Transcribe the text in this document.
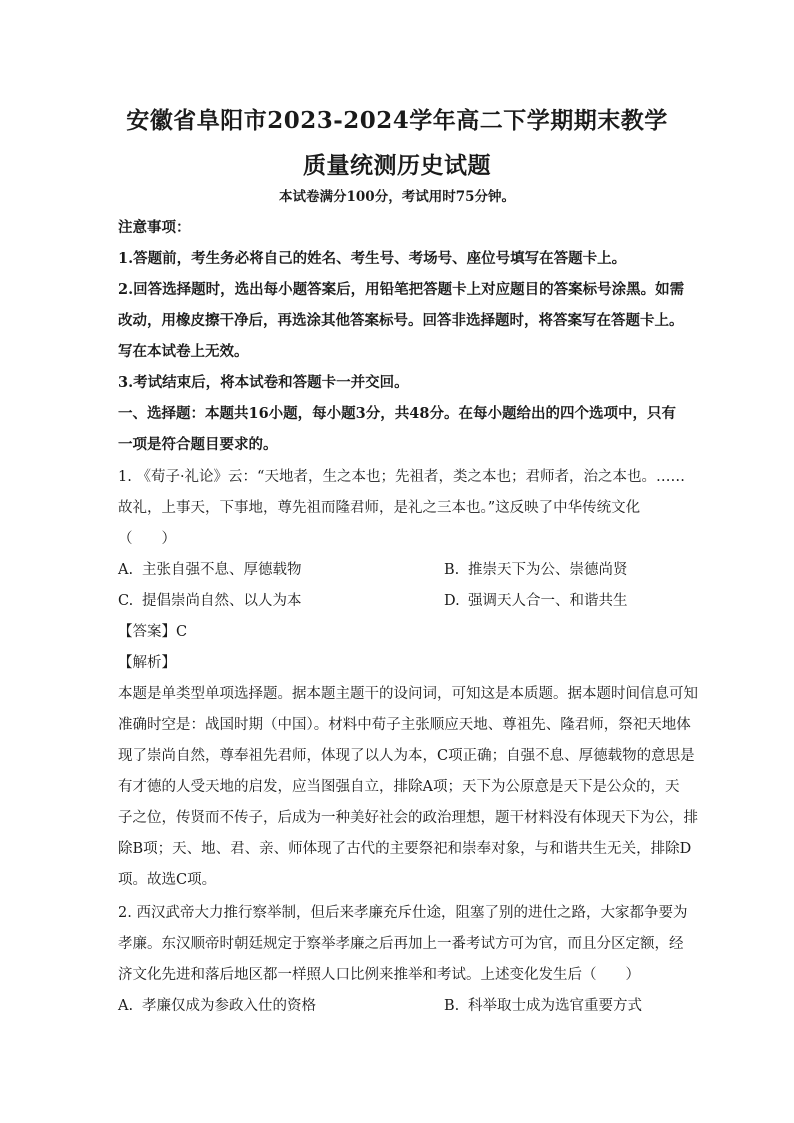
安徽省阜阳市2023-2024学年高二下学期期末教学
质量统测历史试题
本试卷满分100分，考试用时75分钟。
注意事项：
1.答题前，考生务必将自己的姓名、考生号、考场号、座位号填写在答题卡上。
2.回答选择题时，选出每小题答案后，用铅笔把答题卡上对应题目的答案标号涂黑。如需
改动，用橡皮擦干净后，再选涂其他答案标号。回答非选择题时，将答案写在答题卡上。
写在本试卷上无效。
3.考试结束后，将本试卷和答题卡一并交回。
一、选择题：本题共16小题，每小题3分，共48分。在每小题给出的四个选项中，只有
一项是符合题目要求的。
1. 《荀子·礼论》云：“天地者，生之本也；先祖者，类之本也；君师者，治之本也。……
故礼，上事天，下事地，尊先祖而隆君师，是礼之三本也。”这反映了中华传统文化
（　　）
A. 主张自强不息、厚德载物	B. 推崇天下为公、崇德尚贤
C. 提倡崇尚自然、以人为本	D. 强调天人合一、和谐共生
【答案】C
【解析】
本题是单类型单项选择题。据本题主题干的设问词，可知这是本质题。据本题时间信息可知
准确时空是：战国时期（中国）。材料中荀子主张顺应天地、尊祖先、隆君师，祭祀天地体
现了崇尚自然，尊奉祖先君师，体现了以人为本，C项正确；自强不息、厚德载物的意思是
有才德的人受天地的启发，应当图强自立，排除A项；天下为公原意是天下是公众的，天
子之位，传贤而不传子，后成为一种美好社会的政治理想，题干材料没有体现天下为公，排
除B项；天、地、君、亲、师体现了古代的主要祭祀和崇奉对象，与和谐共生无关，排除D
项。故选C项。
2. 西汉武帝大力推行察举制，但后来孝廉充斥仕途，阻塞了别的进仕之路，大家都争要为
孝廉。东汉顺帝时朝廷规定于察举孝廉之后再加上一番考试方可为官，而且分区定额，经
济文化先进和落后地区都一样照人口比例来推举和考试。上述变化发生后（　　）
A. 孝廉仅成为参政入仕的资格	B. 科举取士成为选官重要方式
